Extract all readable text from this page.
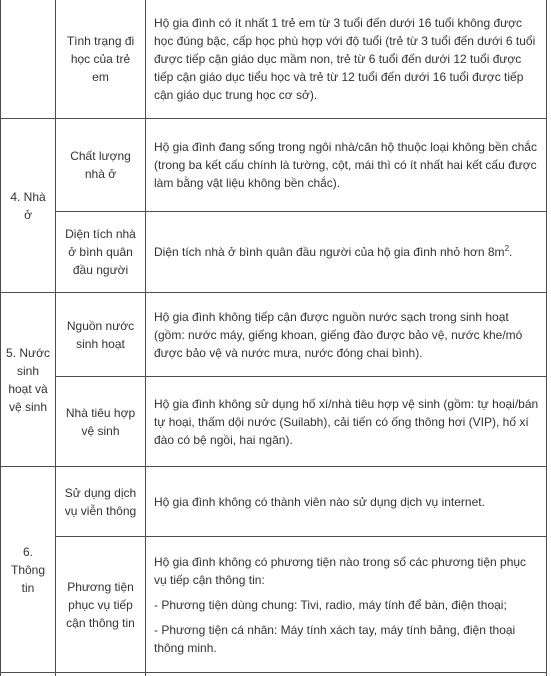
Tình trạng đi học của trẻ em
Hộ gia đình có ít nhất 1 trẻ em từ 3 tuổi đến dưới 16 tuổi không được học đúng bậc, cấp học phù hợp với độ tuổi (trẻ từ 3 tuổi đến dưới 6 tuổi được tiếp cận giáo dục mầm non, trẻ từ 6 tuổi đến dưới 12 tuổi được tiếp cận giáo dục tiểu học và trẻ từ 12 tuổi đến dưới 16 tuổi được tiếp cận giáo dục trung học cơ sở).
4. Nhà ở
Chất lượng nhà ở
Hộ gia đình đang sống trong ngôi nhà/căn hộ thuộc loại không bền chắc (trong ba kết cấu chính là tường, cột, mái thì có ít nhất hai kết cấu được làm bằng vật liệu không bền chắc).
Diện tích nhà ở bình quân đầu người
Diện tích nhà ở bình quân đầu người của hộ gia đình nhỏ hơn $8m^2$.
5. Nước sinh hoạt và vệ sinh
Nguồn nước sinh hoạt
Hộ gia đình không tiếp cận được nguồn nước sạch trong sinh hoạt (gồm: nước máy, giếng khoan, giếng đào được bảo vệ, nước khe/mó được bảo vệ và nước mưa, nước đóng chai bình).
Nhà tiêu hợp vệ sinh
Hộ gia đình không sử dụng hố xí/nhà tiêu hợp vệ sinh (gồm: tự hoại/bán tự hoại, thấm dội nước (Suilabh), cải tiến có ống thông hơi (VIP), hố xí đào có bệ ngồi, hai ngăn).
6. Thông tin
Sử dụng dịch vụ viễn thông
Hộ gia đình không có thành viên nào sử dụng dịch vụ internet.
Phương tiện phục vụ tiếp cận thông tin

Hộ gia đình không có phương tiện nào trong số các phương tiện phục vụ tiếp cận thông tin:

- Phương tiện dùng chung: Tivi, radio, máy tính để bàn, điện thoại;

- Phương tiện cá nhân: Máy tính xách tay, máy tính bảng, điện thoại thông minh.
